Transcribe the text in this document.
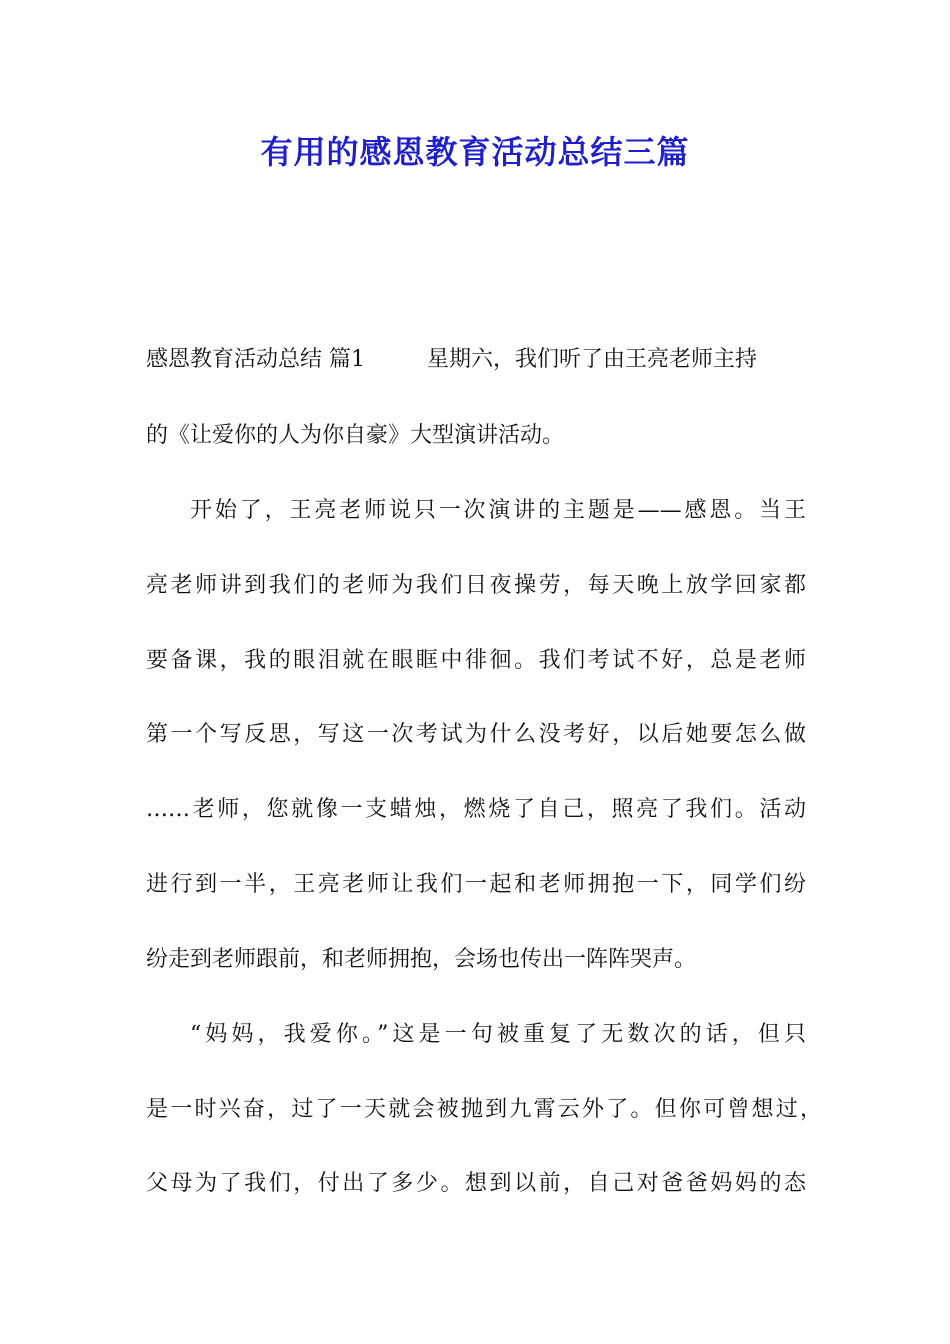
有用的感恩教育活动总结三篇
感恩教育活动总结 篇1	星期六，我们听了由王亮老师主持

的《让爱你的人为你自豪》大型演讲活动。

开始了，王亮老师说只一次演讲的主题是——感恩。当王

亮老师讲到我们的老师为我们日夜操劳，每天晚上放学回家都

要备课，我的眼泪就在眼眶中徘徊。我们考试不好，总是老师

第一个写反思，写这一次考试为什么没考好，以后她要怎么做

……老师，您就像一支蜡烛，燃烧了自己，照亮了我们。活动

进行到一半，王亮老师让我们一起和老师拥抱一下，同学们纷

纷走到老师跟前，和老师拥抱，会场也传出一阵阵哭声。

“妈妈，我爱你。”这是一句被重复了无数次的话，但只

是一时兴奋，过了一天就会被抛到九霄云外了。但你可曾想过，

父母为了我们，付出了多少。想到以前，自己对爸爸妈妈的态
